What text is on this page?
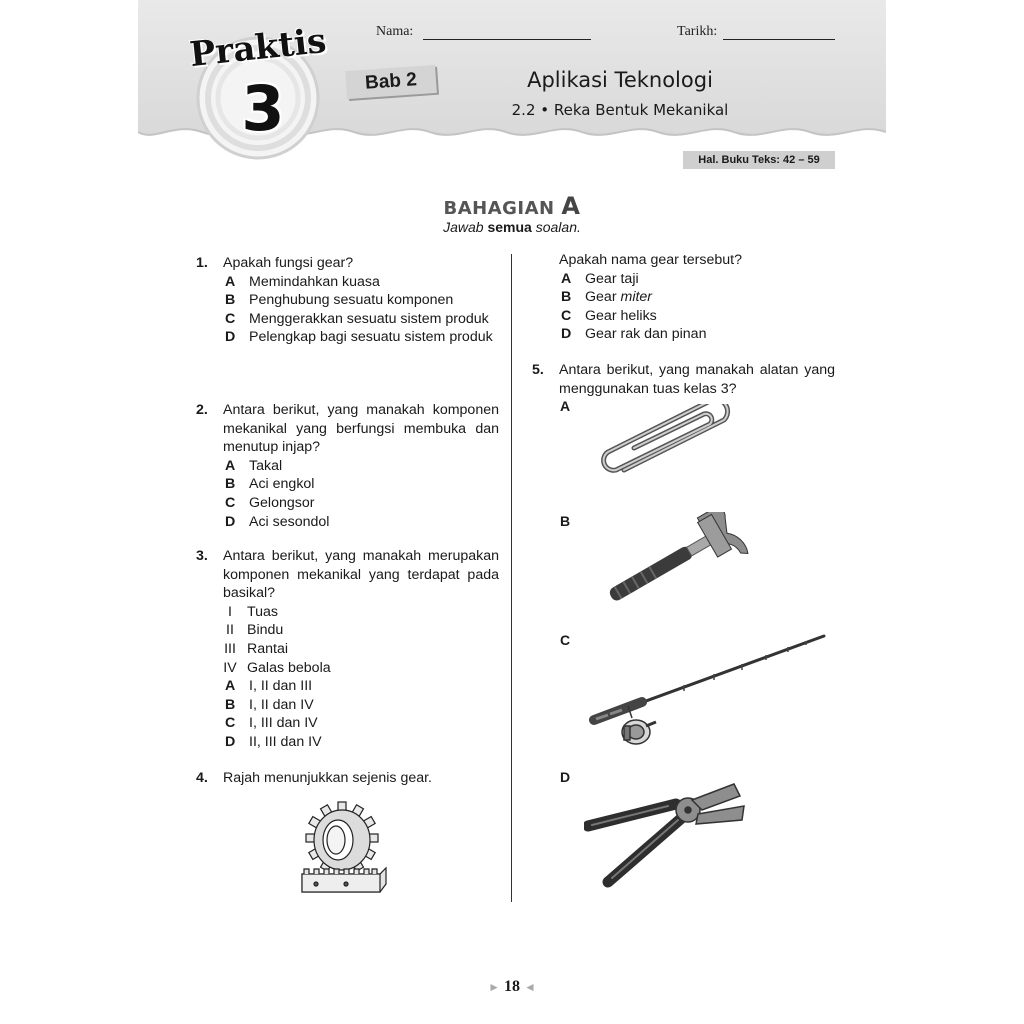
Praktis
3
Nama:	Tarikh:
Bab 2	Aplikasi Teknologi
2.2 • Reka Bentuk Mekanikal
Hal. Buku Teks: 42 – 59
BAHAGIAN A
Jawab semua soalan.
1. Apakah fungsi gear?
A Memindahkan kuasa
B Penghubung sesuatu komponen
C Menggerakkan sesuatu sistem produk
D Pelengkap bagi sesuatu sistem produk
2. Antara berikut, yang manakah komponen mekanikal yang berfungsi membuka dan menutup injap?
A Takal
B Aci engkol
C Gelongsor
D Aci sesondol
3. Antara berikut, yang manakah merupakan komponen mekanikal yang terdapat pada basikal?
I	Tuas
II Bindu
III Rantai
IV Galas bebola
A I, II dan III
B I, II dan IV
C I, III dan IV
D II, III dan IV
4.	Rajah menunjukkan sejenis gear.
Apakah nama gear tersebut?
A Gear taji
B Gear miter
C Gear heliks
D Gear rak dan pinan
5.	Antara berikut, yang manakah alatan yang menggunakan tuas kelas 3?
A
B
C
D
► 18 ◄
